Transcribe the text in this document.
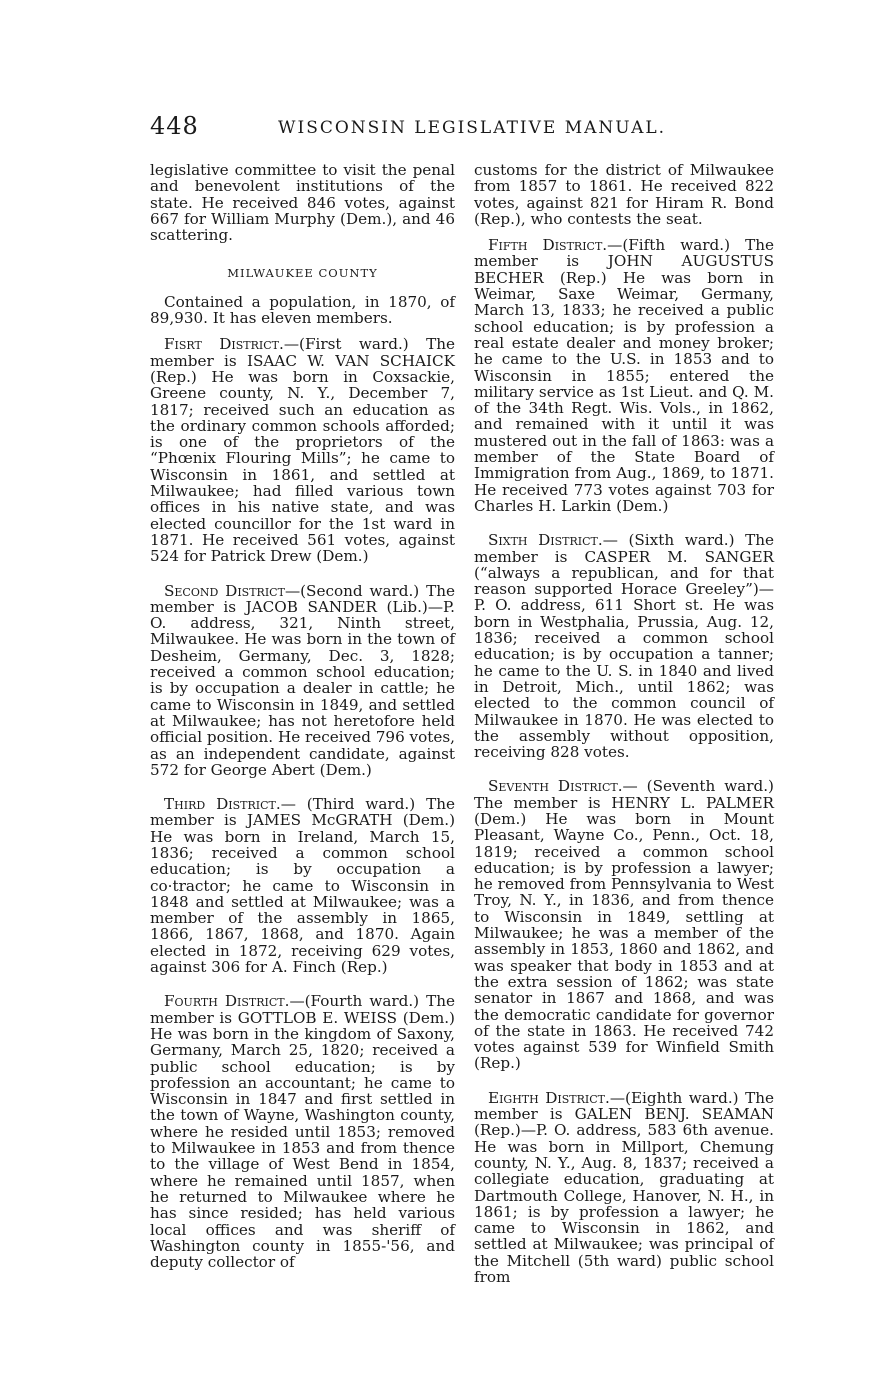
448	WISCONSIN LEGISLATIVE MANUAL.

legislative committee to visit the penal and benevolent institutions of the state. He received 846 votes, against 667 for William Murphy (Dem.), and 46 scattering.

MILWAUKEE COUNTY

Contained a population, in 1870, of 89,930. It has eleven members.

Fisrt District.—(First ward.) The member is ISAAC W. VAN SCHAICK (Rep.) He was born in Coxsackie, Greene county, N. Y., December 7, 1817; received such an education as the ordinary common schools afforded; is one of the proprietors of the “Phœnix Flouring Mills”; he came to Wisconsin in 1861, and settled at Milwaukee; had filled various town offices in his native state, and was elected councillor for the 1st ward in 1871. He received 561 votes, against 524 for Patrick Drew (Dem.)

Second District—(Second ward.) The member is JACOB SANDER (Lib.)—P. O. address, 321, Ninth street, Milwaukee. He was born in the town of Desheim, Germany, Dec. 3, 1828; received a common school education; is by occupation a dealer in cattle; he came to Wisconsin in 1849, and settled at Milwaukee; has not heretofore held official position. He received 796 votes, as an independent candidate, against 572 for George Abert (Dem.)

Third District.— (Third ward.) The member is JAMES McGRATH (Dem.) He was born in Ireland, March 15, 1836; received a common school education; is by occupation a co·tractor; he came to Wisconsin in 1848 and settled at Milwaukee; was a member of the assembly in 1865, 1866, 1867, 1868, and 1870. Again elected in 1872, receiving 629 votes, against 306 for A. Finch (Rep.)

Fourth District.—(Fourth ward.) The member is GOTTLOB E. WEISS (Dem.) He was born in the kingdom of Saxony, Germany, March 25, 1820; received a public school education; is by profession an accountant; he came to Wisconsin in 1847 and first settled in the town of Wayne, Washington county, where he resided until 1853; removed to Milwaukee in 1853 and from thence to the village of West Bend in 1854, where he remained until 1857, when he returned to Milwaukee where he has since resided; has held various local offices and was sheriff of Washington county in 1855-'56, and deputy collector of

customs for the district of Milwaukee from 1857 to 1861. He received 822 votes, against 821 for Hiram R. Bond (Rep.), who contests the seat.

Fifth District.—(Fifth ward.) The member is JOHN AUGUSTUS BECHER (Rep.) He was born in Weimar, Saxe Weimar, Germany, March 13, 1833; he received a public school education; is by profession a real estate dealer and money broker; he came to the U.S. in 1853 and to Wisconsin in 1855; entered the military service as 1st Lieut. and Q. M. of the 34th Regt. Wis. Vols., in 1862, and remained with it until it was mustered out in the fall of 1863: was a member of the State Board of Immigration from Aug., 1869, to 1871. He received 773 votes against 703 for Charles H. Larkin (Dem.)

Sixth District.— (Sixth ward.) The member is CASPER M. SANGER (“always a republican, and for that reason supported Horace Greeley”)—P. O. address, 611 Short st. He was born in Westphalia, Prussia, Aug. 12, 1836; received a common school education; is by occupation a tanner; he came to the U. S. in 1840 and lived in Detroit, Mich., until 1862; was elected to the common council of Milwaukee in 1870. He was elected to the assembly without opposition, receiving 828 votes.

Seventh District.— (Seventh ward.) The member is HENRY L. PALMER (Dem.) He was born in Mount Pleasant, Wayne Co., Penn., Oct. 18, 1819; received a common school education; is by profession a lawyer; he removed from Pennsylvania to West Troy, N. Y., in 1836, and from thence to Wisconsin in 1849, settling at Milwaukee; he was a member of the assembly in 1853, 1860 and 1862, and was speaker that body in 1853 and at the extra session of 1862; was state senator in 1867 and 1868, and was the democratic candidate for governor of the state in 1863. He received 742 votes against 539 for Winfield Smith (Rep.)

Eighth District.—(Eighth ward.) The member is GALEN BENJ. SEAMAN (Rep.)—P. O. address, 583 6th avenue. He was born in Millport, Chemung county, N. Y., Aug. 8, 1837; received a collegiate education, graduating at Dartmouth College, Hanover, N. H., in 1861; is by profession a lawyer; he came to Wisconsin in 1862, and settled at Milwaukee; was principal of the Mitchell (5th ward) public school from
